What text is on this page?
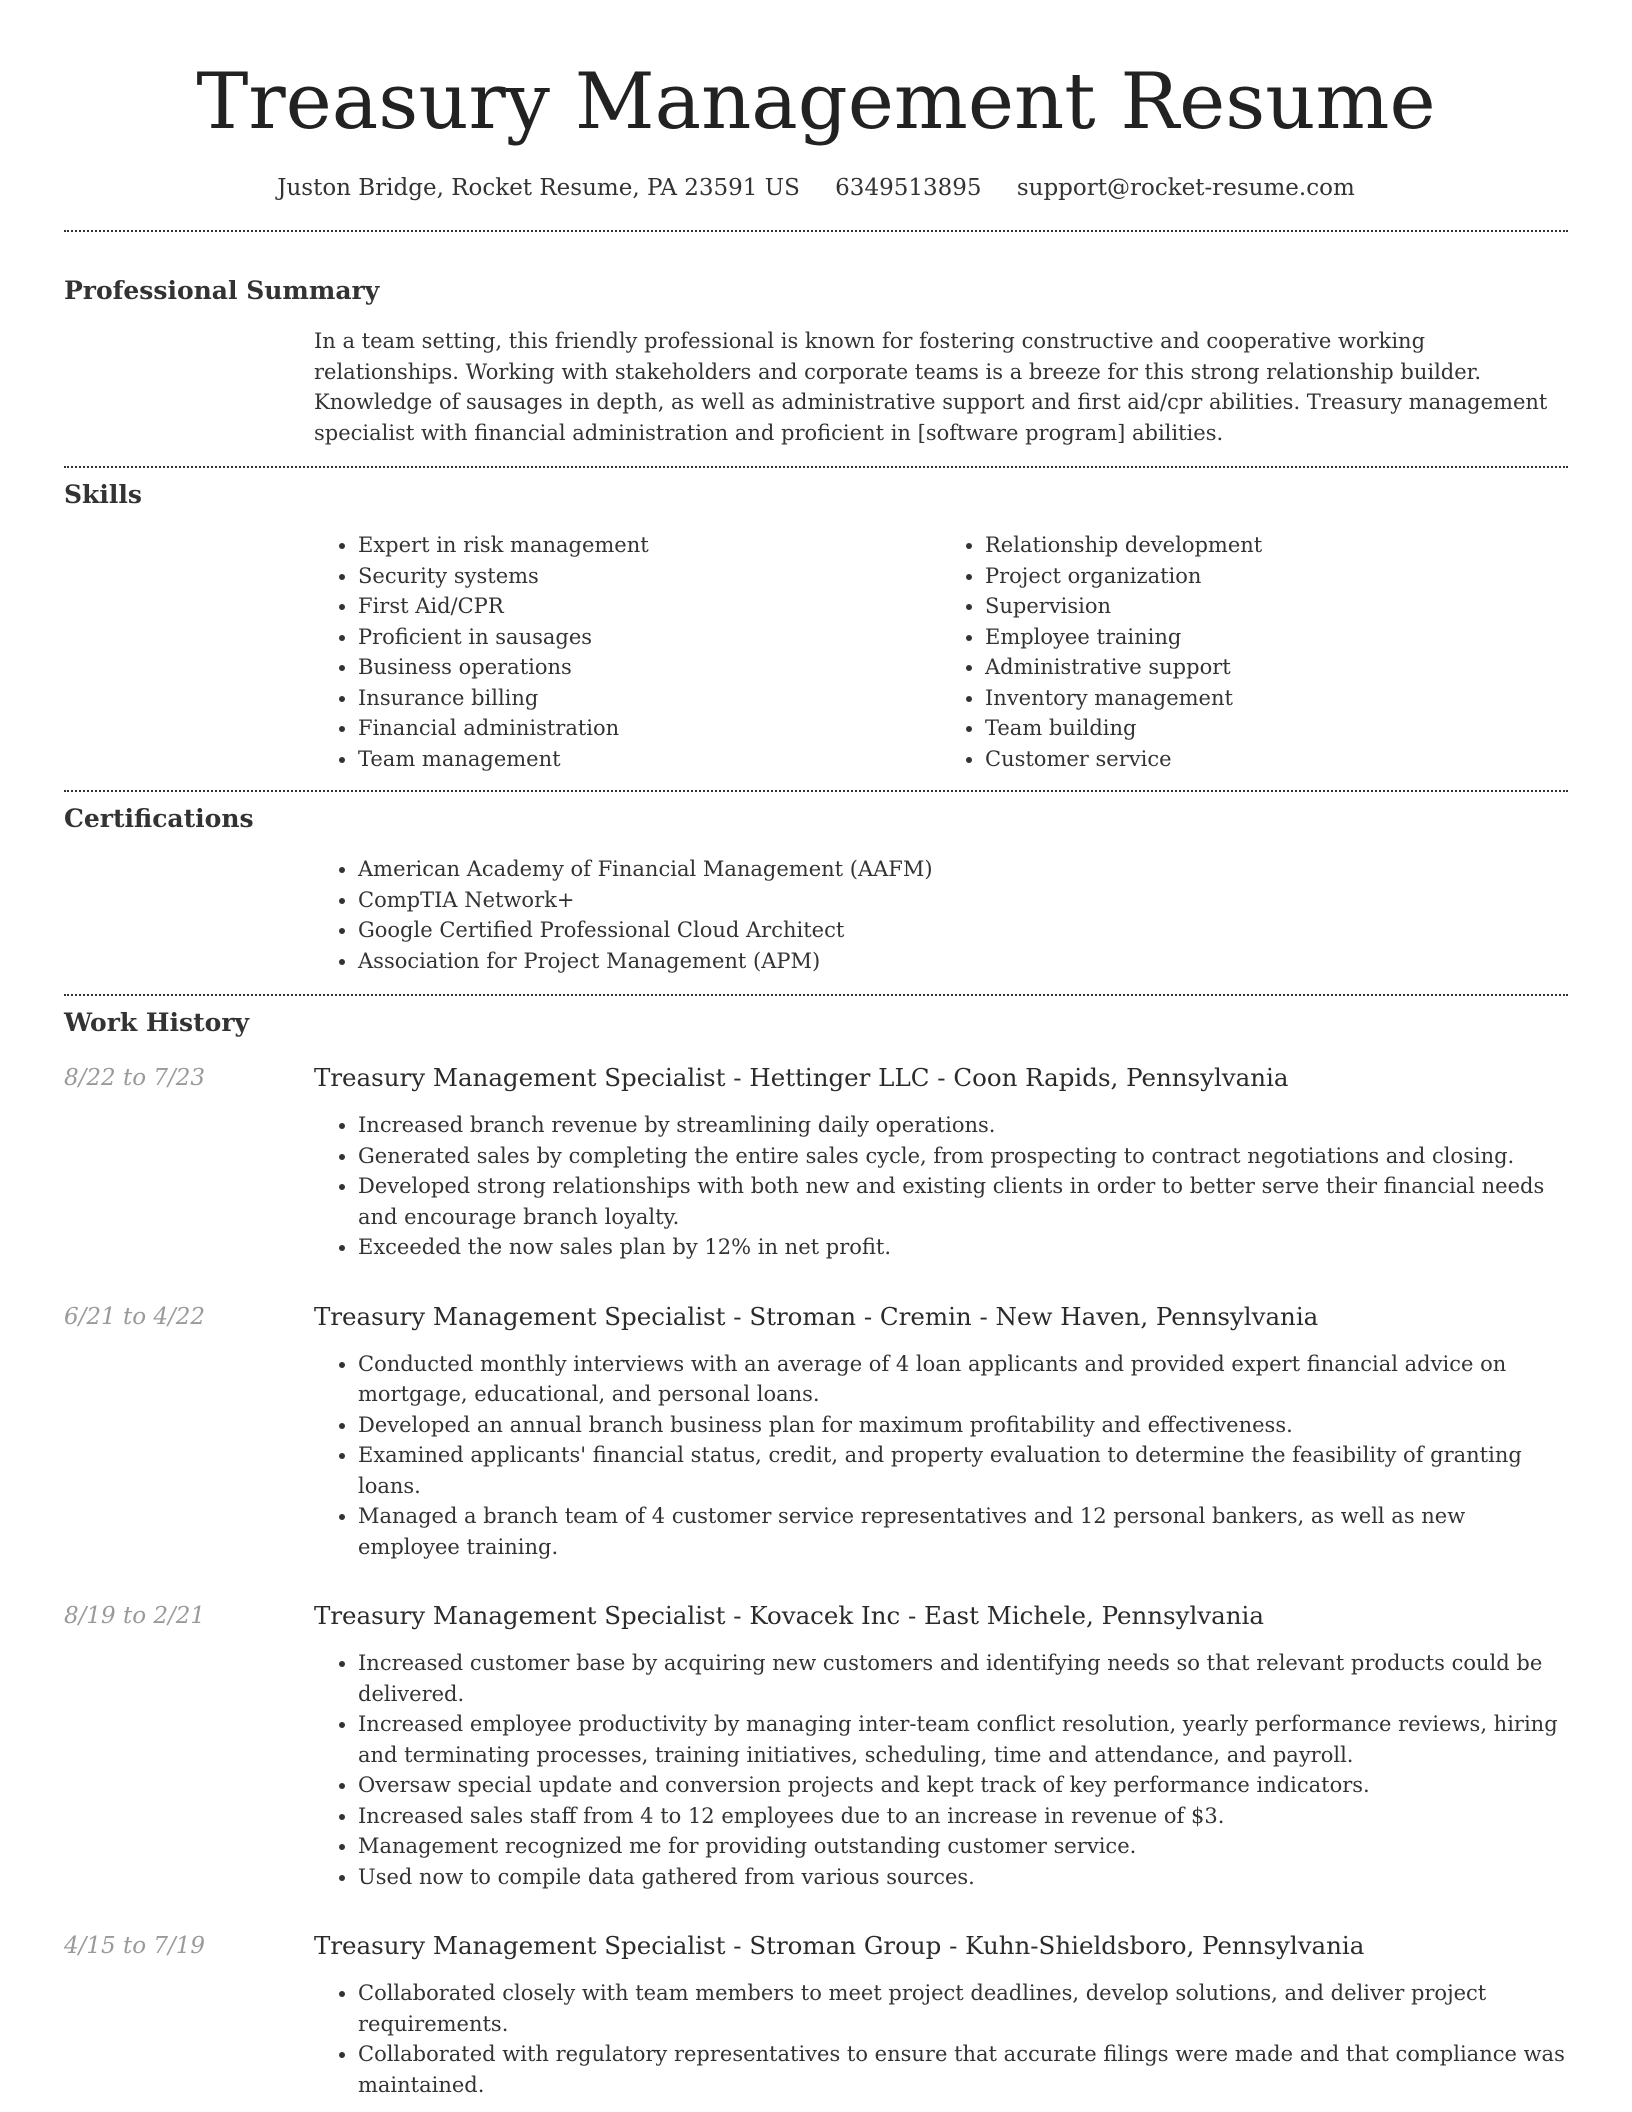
Treasury Management Resume
Juston Bridge, Rocket Resume, PA 23591 US 6349513895 support@rocket-resume.com
Professional Summary
In a team setting, this friendly professional is known for fostering constructive and cooperative working relationships. Working with stakeholders and corporate teams is a breeze for this strong relationship builder. Knowledge of sausages in depth, as well as administrative support and first aid/cpr abilities. Treasury management specialist with financial administration and proficient in [software program] abilities.
Skills
• Expert in risk management
• Security systems
• First Aid/CPR
• Proficient in sausages
• Business operations
• Insurance billing
• Financial administration
• Team management
• Relationship development
• Project organization
• Supervision
• Employee training
• Administrative support
• Inventory management
• Team building
• Customer service
Certifications
• American Academy of Financial Management (AAFM)
• CompTIA Network+
• Google Certified Professional Cloud Architect
• Association for Project Management (APM)
Work History
8/22 to 7/23	Treasury Management Specialist - Hettinger LLC - Coon Rapids, Pennsylvania
• Increased branch revenue by streamlining daily operations.
• Generated sales by completing the entire sales cycle, from prospecting to contract negotiations and closing.
• Developed strong relationships with both new and existing clients in order to better serve their financial needs and encourage branch loyalty.
• Exceeded the now sales plan by 12% in net profit.
6/21 to 4/22	Treasury Management Specialist - Stroman - Cremin - New Haven, Pennsylvania
• Conducted monthly interviews with an average of 4 loan applicants and provided expert financial advice on mortgage, educational, and personal loans.
• Developed an annual branch business plan for maximum profitability and effectiveness.
• Examined applicants' financial status, credit, and property evaluation to determine the feasibility of granting loans.
• Managed a branch team of 4 customer service representatives and 12 personal bankers, as well as new employee training.
8/19 to 2/21	Treasury Management Specialist - Kovacek Inc - East Michele, Pennsylvania
• Increased customer base by acquiring new customers and identifying needs so that relevant products could be delivered.
• Increased employee productivity by managing inter-team conflict resolution, yearly performance reviews, hiring and terminating processes, training initiatives, scheduling, time and attendance, and payroll.
• Oversaw special update and conversion projects and kept track of key performance indicators.
• Increased sales staff from 4 to 12 employees due to an increase in revenue of $3.
• Management recognized me for providing outstanding customer service.
• Used now to compile data gathered from various sources.
4/15 to 7/19	Treasury Management Specialist - Stroman Group - Kuhn-Shieldsboro, Pennsylvania
• Collaborated closely with team members to meet project deadlines, develop solutions, and deliver project requirements.
• Collaborated with regulatory representatives to ensure that accurate filings were made and that compliance was maintained.
